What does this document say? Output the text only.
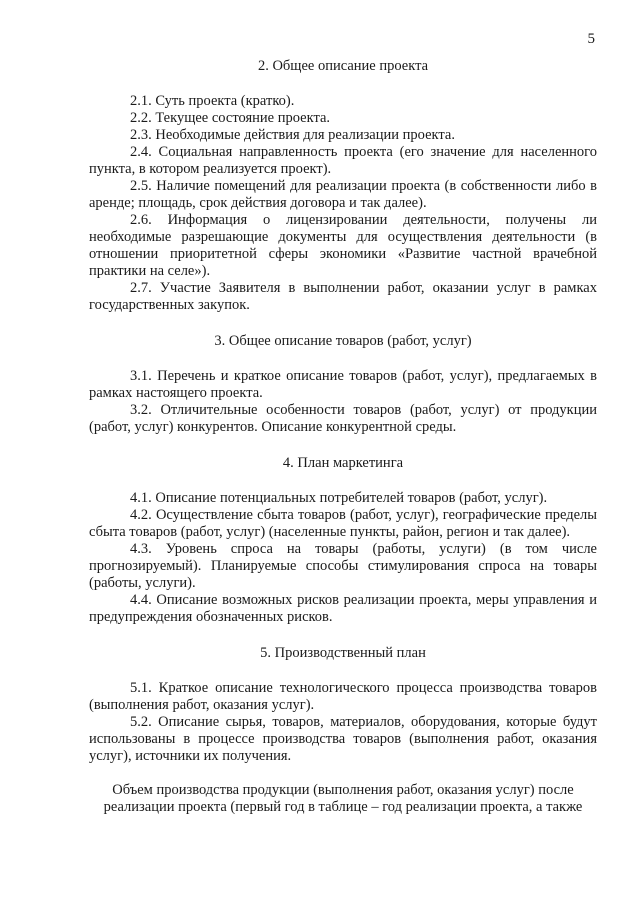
5
2. Общее описание проекта

2.1. Суть проекта (кратко).

2.2. Текущее состояние проекта.

2.3. Необходимые действия для реализации проекта.

2.4. Социальная направленность проекта (его значение для населенного пункта, в котором реализуется проект).

2.5. Наличие помещений для реализации проекта (в собственности либо в аренде; площадь, срок действия договора и так далее).

2.6. Информация о лицензировании деятельности, получены ли необходимые разрешающие документы для осуществления деятельности (в отношении приоритетной сферы экономики «Развитие частной врачебной практики на селе»).

2.7. Участие Заявителя в выполнении работ, оказании услуг в рамках государственных закупок.

3. Общее описание товаров (работ, услуг)

3.1. Перечень и краткое описание товаров (работ, услуг), предлагаемых в рамках настоящего проекта.

3.2. Отличительные особенности товаров (работ, услуг) от продукции (работ, услуг) конкурентов. Описание конкурентной среды.

4. План маркетинга

4.1. Описание потенциальных потребителей товаров (работ, услуг).

4.2. Осуществление сбыта товаров (работ, услуг), географические пределы сбыта товаров (работ, услуг) (населенные пункты, район, регион и так далее).

4.3. Уровень спроса на товары (работы, услуги) (в том числе прогнозируемый). Планируемые способы стимулирования спроса на товары (работы, услуги).

4.4. Описание возможных рисков реализации проекта, меры управления и предупреждения обозначенных рисков.

5. Производственный план

5.1. Краткое описание технологического процесса производства товаров (выполнения работ, оказания услуг).

5.2. Описание сырья, товаров, материалов, оборудования, которые будут использованы в процессе производства товаров (выполнения работ, оказания услуг), источники их получения.

Объем производства продукции (выполнения работ, оказания услуг) после реализации проекта (первый год в таблице – год реализации проекта, а также
